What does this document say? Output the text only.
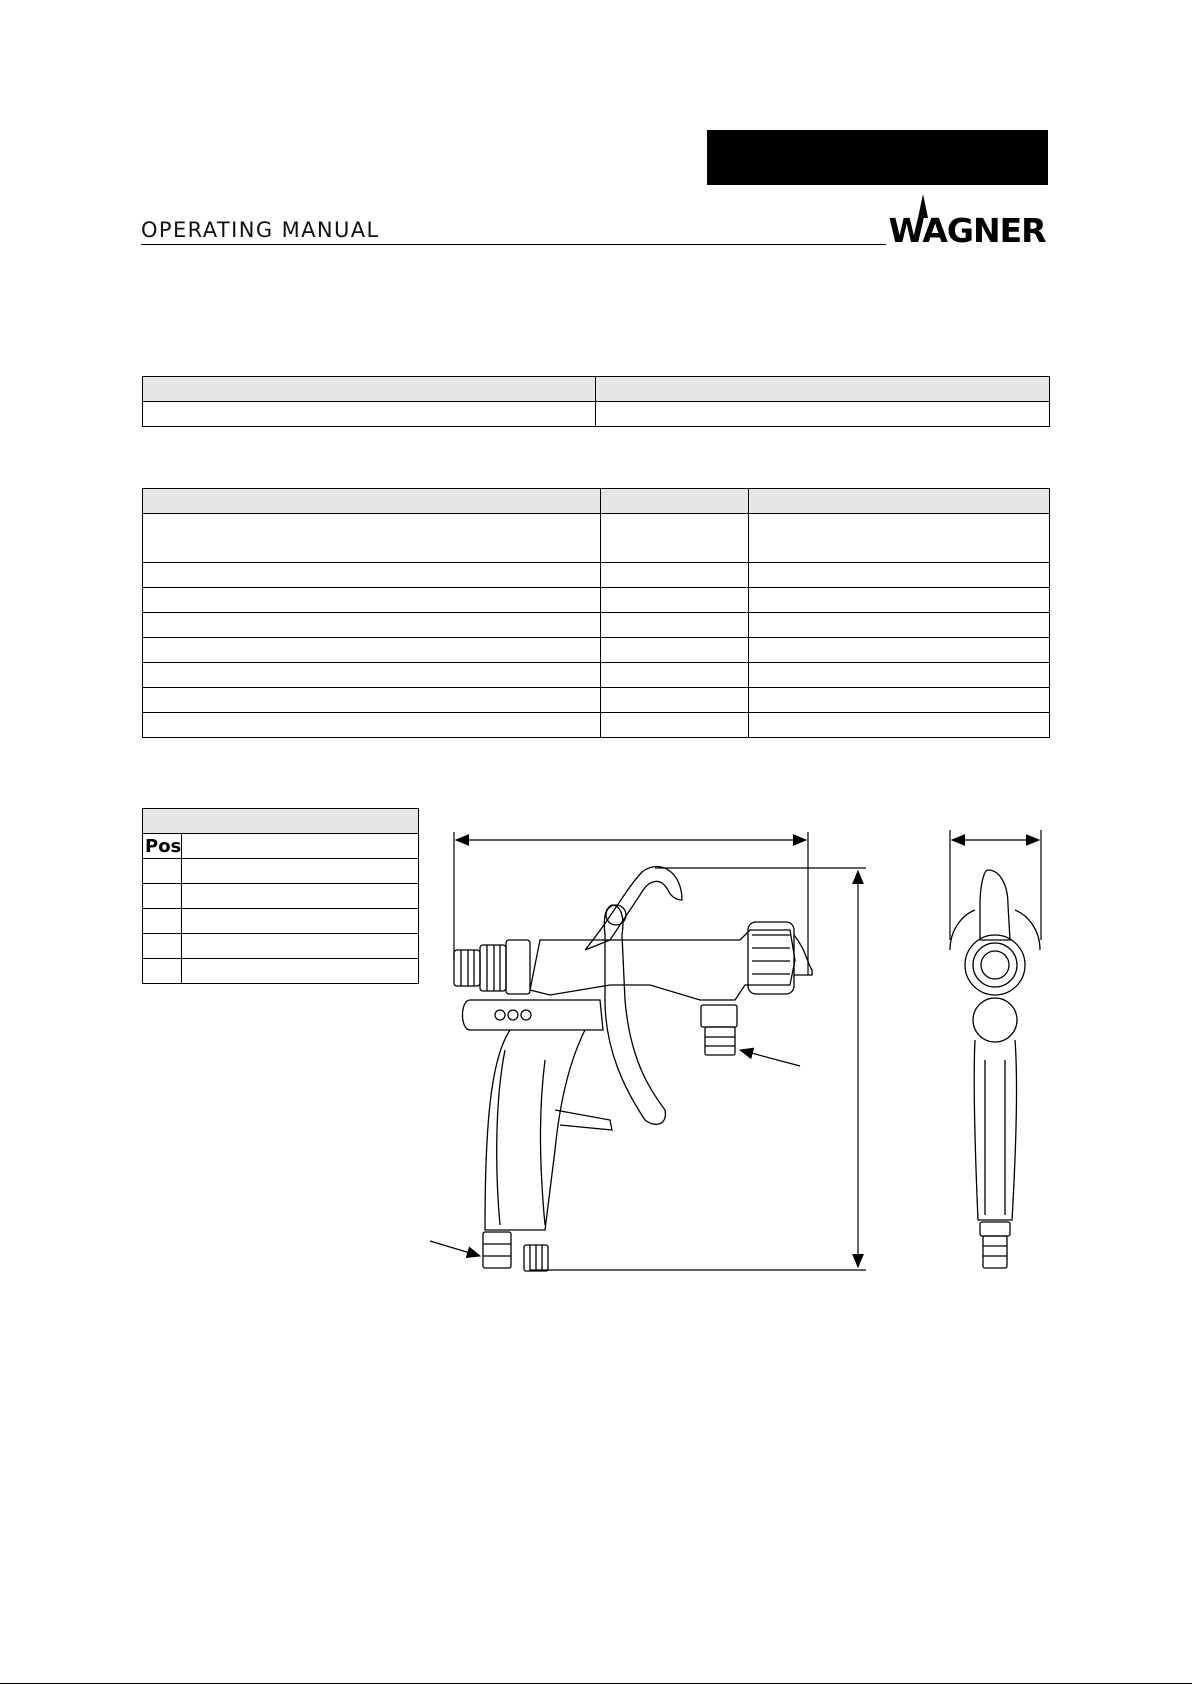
OPERATING MANUAL	WAGNER

Pos	
